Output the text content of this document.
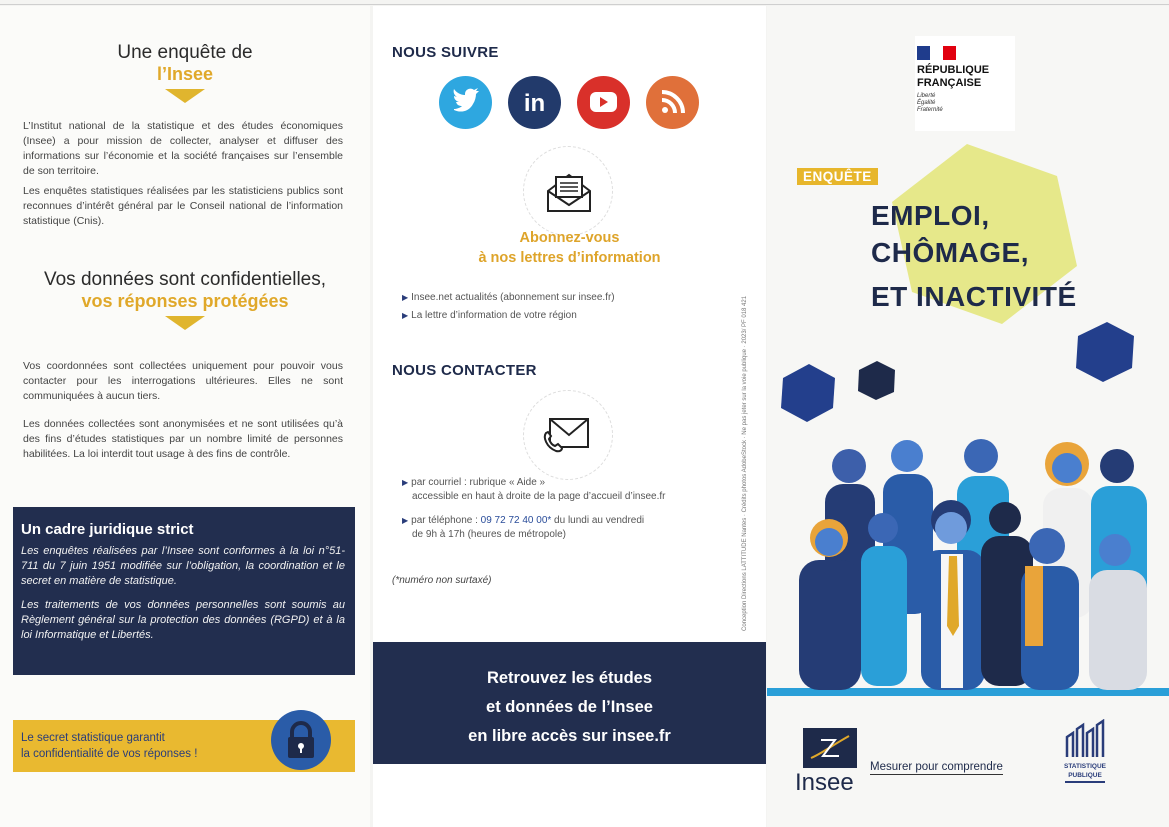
Une enquête de
l’Insee

L’Institut national de la statistique et des études économiques (Insee) a pour mission de collecter, analyser et diffuser des informations sur l’économie et la société françaises sur l’ensemble de son territoire.

Les enquêtes statistiques réalisées par les statisticiens publics sont reconnues d’intérêt général par le Conseil national de l’information statistique (Cnis).

Vos données sont confidentielles,
vos réponses protégées

Vos coordonnées sont collectées uniquement pour pouvoir vous contacter pour les interrogations ultérieures. Elles ne sont communiquées à aucun tiers.

Les données collectées sont anonymisées et ne sont utilisées qu’à des fins d’études statistiques par un nombre limité de personnes habilitées. La loi interdit tout usage à des fins de contrôle.

Un cadre juridique strict

Les enquêtes réalisées par l’Insee sont conformes à la loi n°51-711 du 7 juin 1951 modifiée sur l’obligation, la coordination et le secret en matière de statistique.

Les traitements de vos données personnelles sont soumis au Règlement général sur la protection des données (RGPD) et à la loi Informatique et Libertés.

Le secret statistique garantit
la confidentialité de vos réponses !
NOUS SUIVRE
in
Abonnez-vous
à nos lettres d’information
▶ Insee.net actualités (abonnement sur insee.fr)
▶ La lettre d’information de votre région
NOUS CONTACTER
▶ par courriel : rubrique « Aide »
accessible en haut à droite de la page d’accueil d’insee.fr
▶ par téléphone : 09 72 72 40 00* du lundi au vendredi
de 9h à 17h (heures de métropole)
(*numéro non surtaxé)	Conception Directions LATTITUDE Nantes · Crédits photos AdobeStock · Ne pas jeter sur la voie publique · 2023/ PF 018 421
Retrouvez les études
et données de l’Insee
en libre accès sur insee.fr
RÉPUBLIQUE
FRANÇAISE
Liberté
Égalité
Fraternité
ENQUÊTE
EMPLOI,
CHÔMAGE,
ET INACTIVITÉ
Insee
Mesurer pour comprendre	STATISTIQUE
PUBLIQUE
